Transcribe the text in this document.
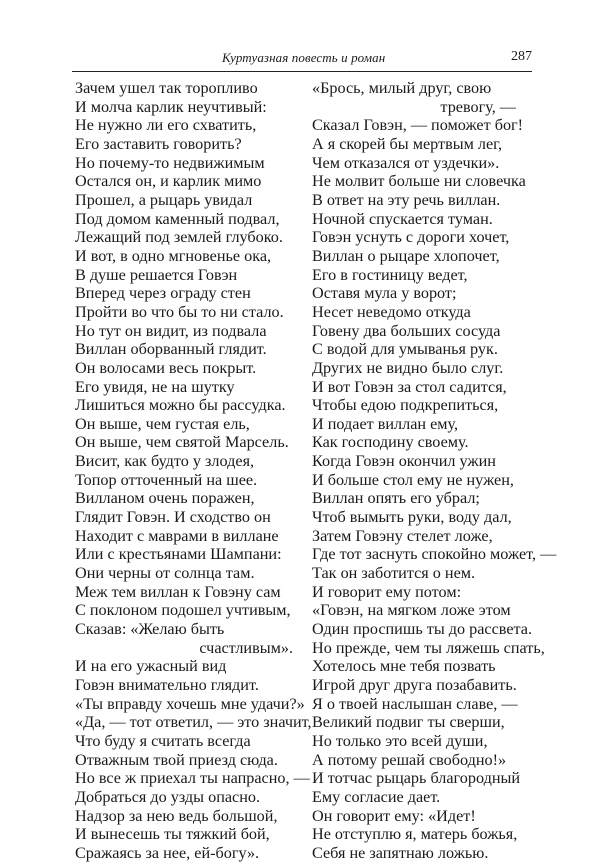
Куртуазная повесть и роман	287
Зачем ушел так торопливо
И молча карлик неучтивый:
Не нужно ли его схватить,
Его заставить говорить?
Но почему-то недвижимым
Остался он, и карлик мимо
Прошел, а рыцарь увидал
Под домом каменный подвал,
Лежащий под землей глубоко.
И вот, в одно мгновенье ока,
В душе решается Говэн
Вперед через ограду стен
Пройти во что бы то ни стало.
Но тут он видит, из подвала
Виллан оборванный глядит.
Он волосами весь покрыт.
Его увидя, не на шутку
Лишиться можно бы рассудка.
Он выше, чем густая ель,
Он выше, чем святой Марсель.
Висит, как будто у злодея,
Топор отточенный на шее.
Вилланом очень поражен,
Глядит Говэн. И сходство он
Находит с маврами в виллане
Или с крестьянами Шампани:
Они черны от солнца там.
Меж тем виллан к Говэну сам
С поклоном подошел учтивым,
Сказав: «Желаю быть
счастливым».
И на его ужасный вид
Говэн внимательно глядит.
«Ты вправду хочешь мне удачи?»
«Да, — тот ответил, — это значит,
Что буду я считать всегда
Отважным твой приезд сюда.
Но все ж приехал ты напрасно, —
Добраться до узды опасно.
Надзор за нею ведь большой,
И вынесешь ты тяжкий бой,
Сражаясь за нее, ей-богу».
«Брось, милый друг, свою
тревогу, —
Сказал Говэн, — поможет бог!
А я скорей бы мертвым лег,
Чем отказался от уздечки».
Не молвит больше ни словечка
В ответ на эту речь виллан.
Ночной спускается туман.
Говэн уснуть с дороги хочет,
Виллан о рыцаре хлопочет,
Его в гостиницу ведет,
Оставя мула у ворот;
Несет неведомо откуда
Говену два больших сосуда
С водой для умыванья рук.
Других не видно было слуг.
И вот Говэн за стол садится,
Чтобы едою подкрепиться,
И подает виллан ему,
Как господину своему.
Когда Говэн окончил ужин
И больше стол ему не нужен,
Виллан опять его убрал;
Чтоб вымыть руки, воду дал,
Затем Говэну стелет ложе,
Где тот заснуть спокойно может, —
Так он заботится о нем.
И говорит ему потом:
«Говэн, на мягком ложе этом
Один проспишь ты до рассвета.
Но прежде, чем ты ляжешь спать,
Хотелось мне тебя позвать
Игрой друг друга позабавить.
Я о твоей наслышан славе, —
Великий подвиг ты сверши,
Но только это всей души,
А потому решай свободно!»
И тотчас рыцарь благородный
Ему согласие дает.
Он говорит ему: «Идет!
Не отступлю я, матерь божья,
Себя не запятнаю ложью.
